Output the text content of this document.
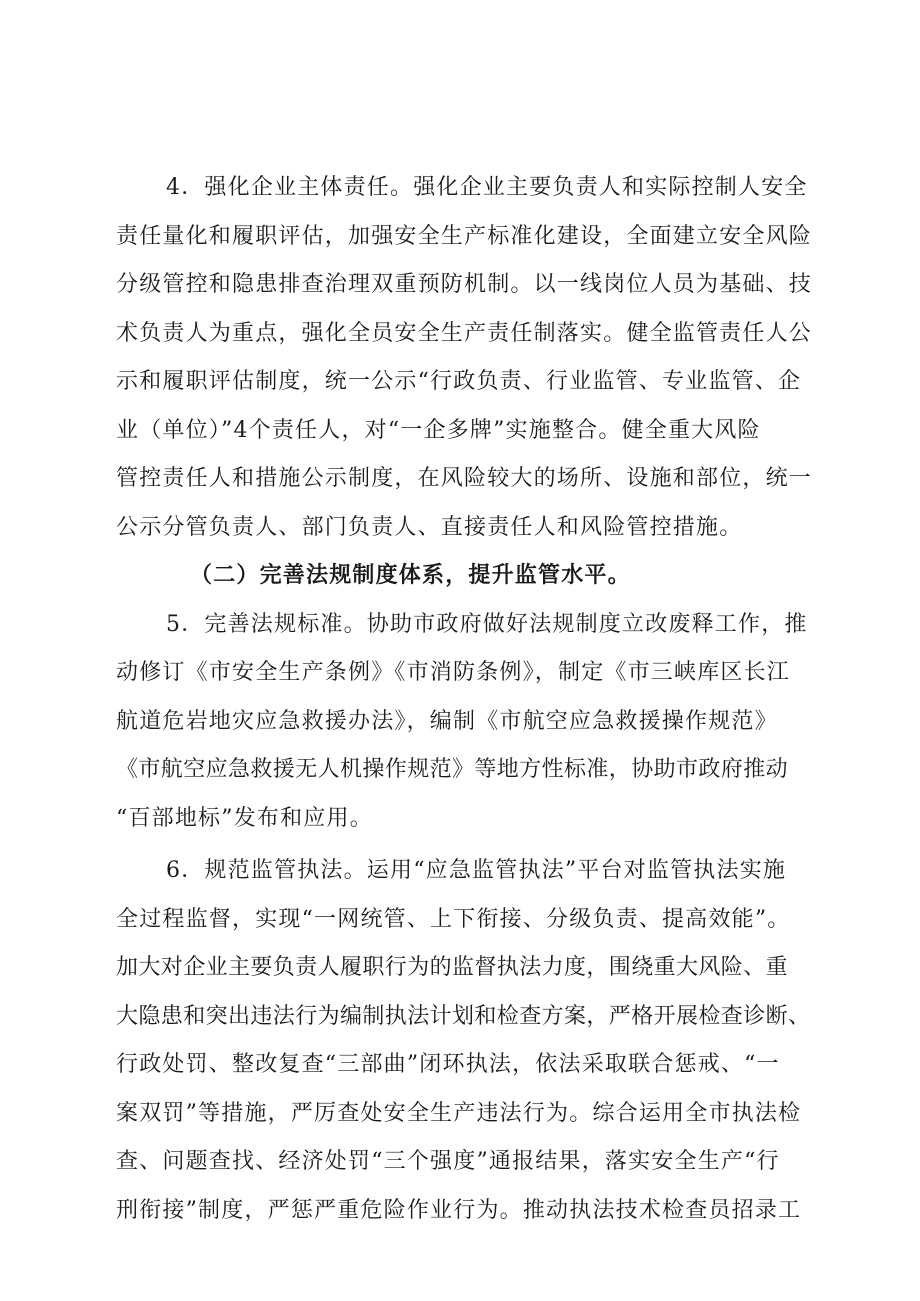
4．强化企业主体责任。强化企业主要负责人和实际控制人安全
责任量化和履职评估，加强安全生产标准化建设，全面建立安全风险
分级管控和隐患排查治理双重预防机制。以一线岗位人员为基础、技
术负责人为重点，强化全员安全生产责任制落实。健全监管责任人公
示和履职评估制度，统一公示“行政负责、行业监管、专业监管、企
业（单位）”4个责任人，对“一企多牌”实施整合。健全重大风险
管控责任人和措施公示制度，在风险较大的场所、设施和部位，统一
公示分管负责人、部门负责人、直接责任人和风险管控措施。
（二）完善法规制度体系，提升监管水平。
5．完善法规标准。协助市政府做好法规制度立改废释工作，推
动修订《市安全生产条例》《市消防条例》，制定《市三峡库区长江
航道危岩地灾应急救援办法》，编制《市航空应急救援操作规范》
《市航空应急救援无人机操作规范》等地方性标准，协助市政府推动
“百部地标”发布和应用。
6．规范监管执法。运用“应急监管执法”平台对监管执法实施
全过程监督，实现“一网统管、上下衔接、分级负责、提高效能”。
加大对企业主要负责人履职行为的监督执法力度，围绕重大风险、重
大隐患和突出违法行为编制执法计划和检查方案，严格开展检查诊断、
行政处罚、整改复查“三部曲”闭环执法，依法采取联合惩戒、“一
案双罚”等措施，严厉查处安全生产违法行为。综合运用全市执法检
查、问题查找、经济处罚“三个强度”通报结果，落实安全生产“行
刑衔接”制度，严惩严重危险作业行为。推动执法技术检查员招录工
